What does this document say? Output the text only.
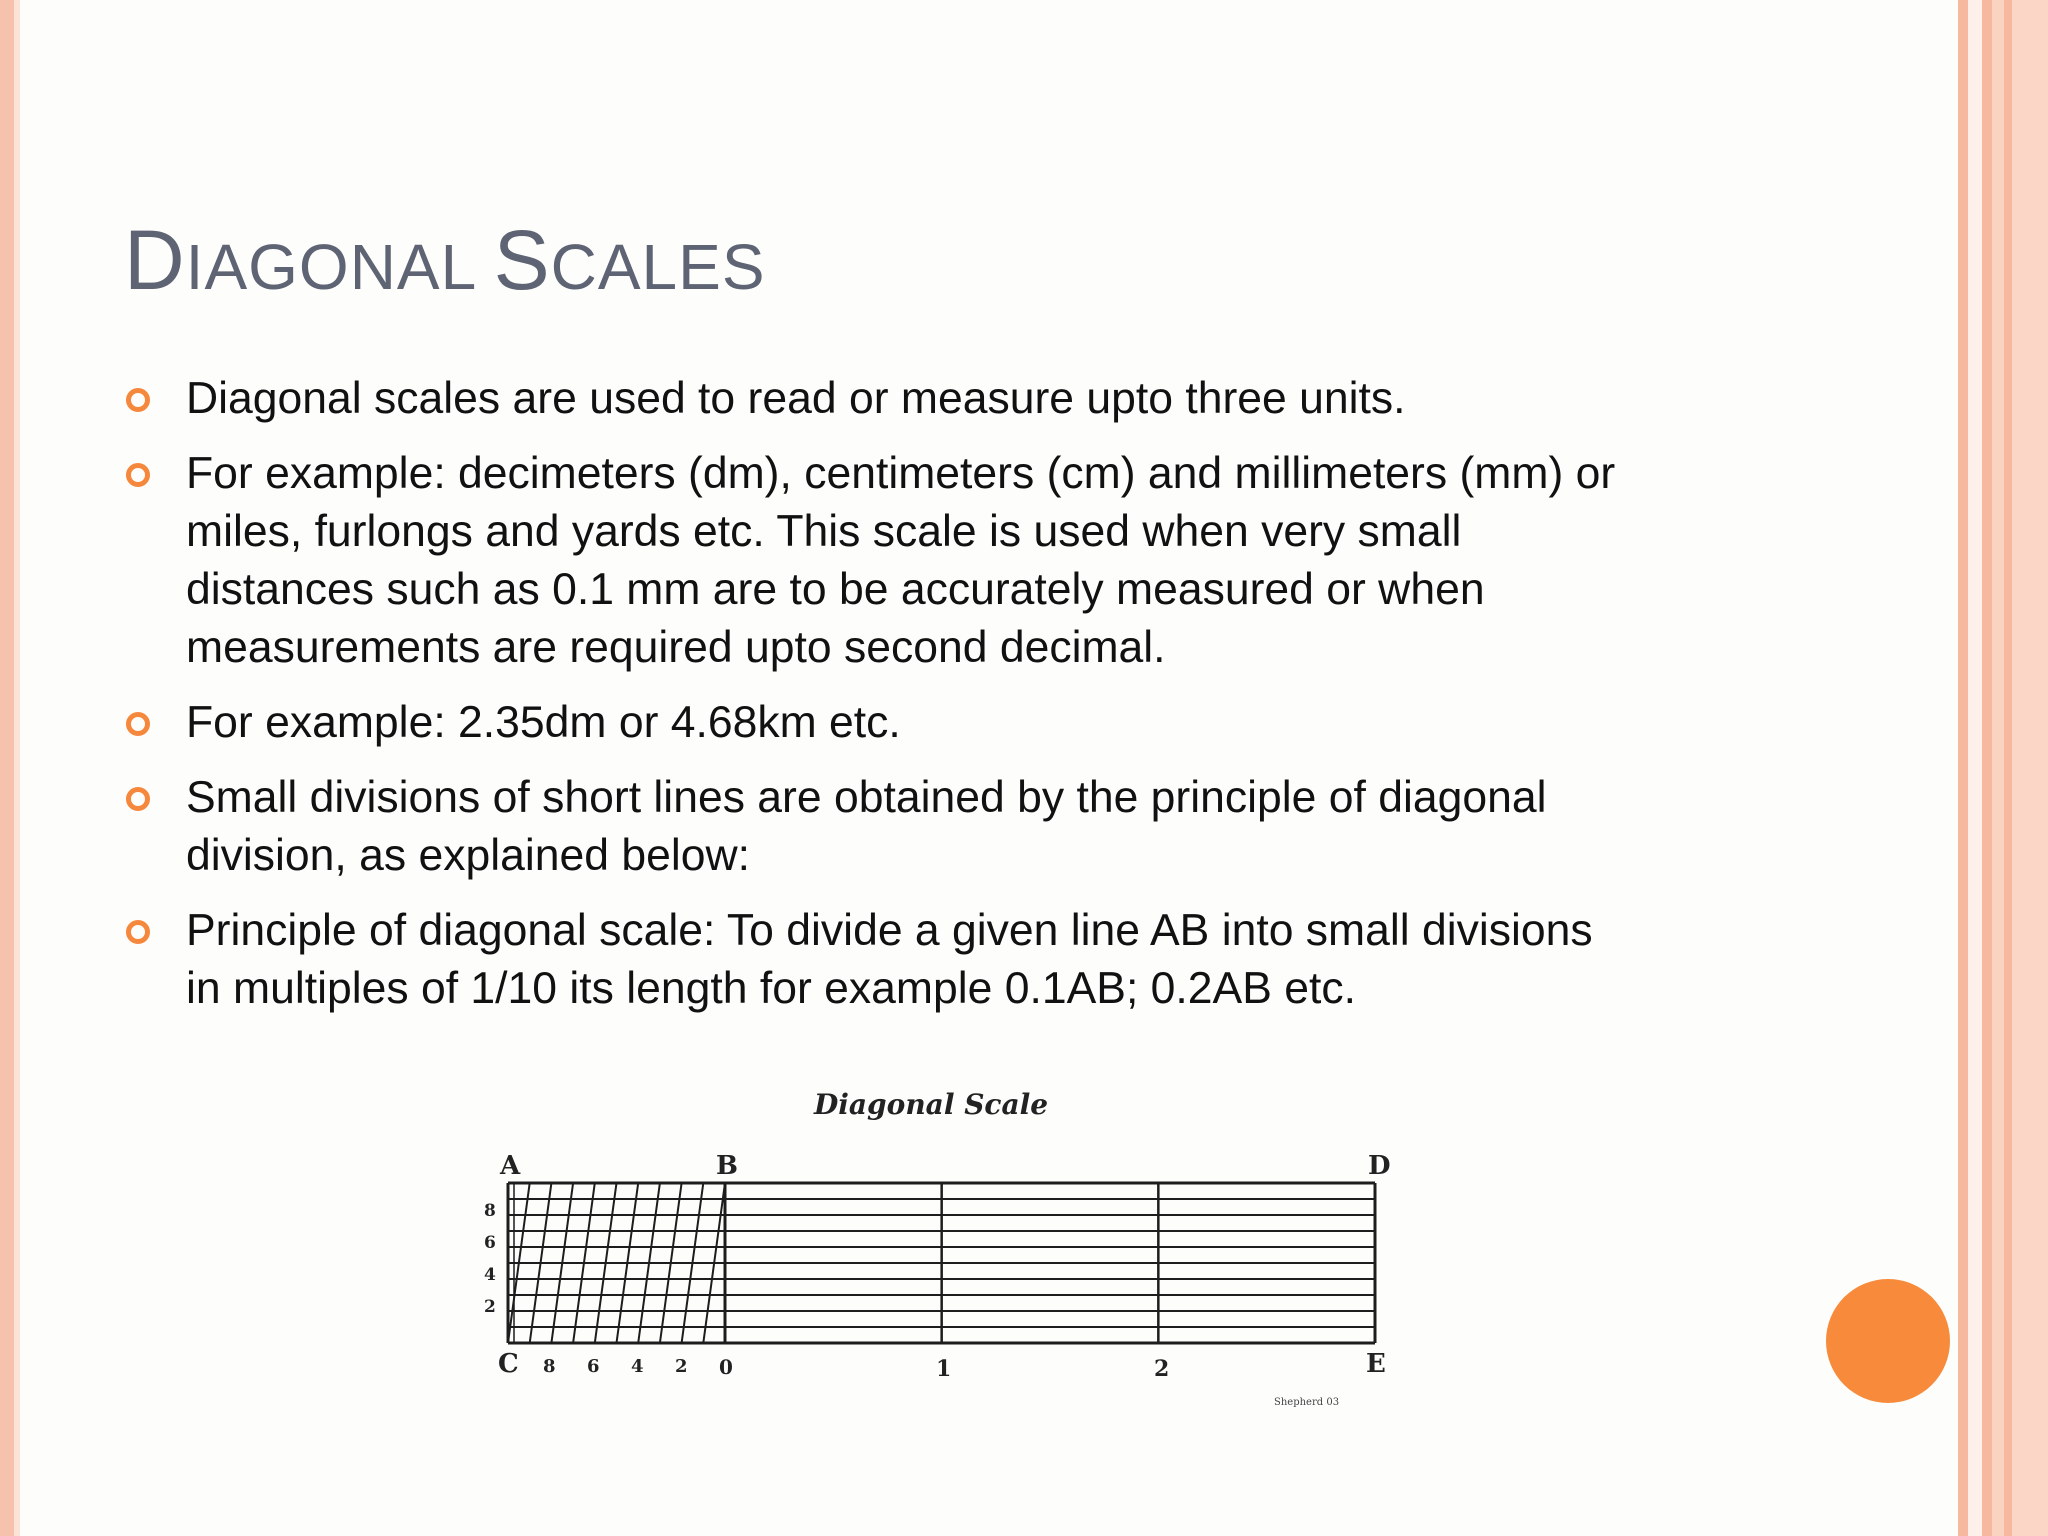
DIAGONAL SCALES
Diagonal scales are used to read or measure upto three units.
For example: decimeters (dm), centimeters (cm) and millimeters (mm) or
miles, furlongs and yards etc. This scale is used when very small
distances such as 0.1 mm are to be accurately measured or when
measurements are required upto second decimal.
For example: 2.35dm or 4.68km etc.
Small divisions of short lines are obtained by the principle of diagonal
division, as explained below:
Principle of diagonal scale: To divide a given line AB into small divisions
in multiples of 1/10 its length for example 0.1AB; 0.2AB etc.
Diagonal Scale
A	B	D
C	E
8
6
4
2
8 6 4 2 0	1	2
Shepherd 03
